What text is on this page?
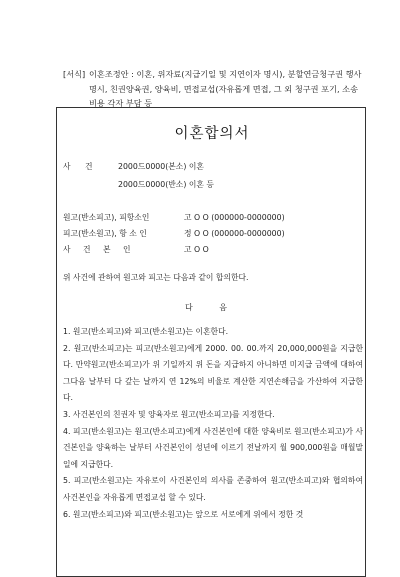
[서식] 이혼조정안 : 이혼, 위자료(지급기일 및 지연이자 명시), 분할연금청구권 행사 명시, 친권양육권, 양육비, 면접교섭(자유롭게 면접, 그 외 청구권 포기, 소송비용 각자 부담 등
이혼합의서
사 건	2000드0000(본소) 이혼
2000드0000(반소) 이혼 등
원고(반소피고), 피항소인	고 O O (000000-0000000)
피고(반소원고), 항 소 인	정 O O (000000-0000000)
사 건 본 인	고 O O
위 사건에 관하여 원고와 피고는 다음과 같이 합의한다.
다 음

1. 원고(반소피고)와 피고(반소원고)는 이혼한다.

2. 원고(반소피고)는 피고(반소원고)에게 2000. 00. 00.까지 20,000,000원을 지급한다. 만약원고(반소피고)가 위 기일까지 위 돈을 지급하지 아니하면 미지급 금액에 대하여 그다음 날부터 다 갚는 날까지 연 12%의 비율로 계산한 지연손해금을 가산하여 지급한다.

3. 사건본인의 친권자 및 양육자로 원고(반소피고)를 지정한다.

4. 피고(반소원고)는 원고(반소피고)에게 사건본인에 대한 양육비로 원고(반소피고)가 사건본인을 양육하는 날부터 사건본인이 성년에 이르기 전날까지 월 900,000원을 매월말일에 지급한다.

5. 피고(반소원고)는 자유로이 사건본인의 의사를 존중하여 원고(반소피고)와 협의하여 사건본인을 자유롭게 면접교섭 할 수 있다.

6. 원고(반소피고)와 피고(반소원고)는 앞으로 서로에게 위에서 정한 것
